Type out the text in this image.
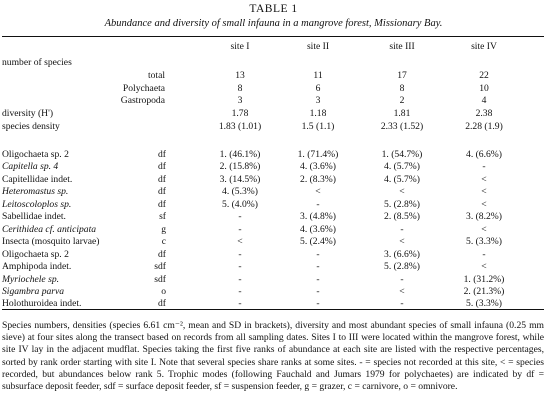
TABLE 1
Abundance and diversity of small infauna in a mangrove forest, Missionary Bay.
site I	site II	site III	site IV
number of species
total	13	11	17	22
Polychaeta	8	6	8	10
Gastropoda	3	3	2	4
diversity (H')	1.78	1.18	1.81	2.38
species density	1.83 (1.01)	1.5 (1.1)	2.33 (1.52)	2.28 (1.9)
Oligochaeta sp. 2	df	1. (46.1%)	1. (71.4%)	1. (54.7%)	4. (6.6%)
Capitella sp. 4	df	2. (15.8%)	4. (3.6%)	4. (5.7%)	-
Capitellidae indet.	df	3. (14.5%)	2. (8.3%)	4. (5.7%)	<
Heteromastus sp.	df	4. (5.3%)	<	<	<
Leitoscoloplos sp.	df	5. (4.0%)	-	5. (2.8%)	<
Sabellidae indet.	sf	-	3. (4.8%)	2. (8.5%)	3. (8.2%)
Cerithidea cf. anticipata	g	-	4. (3.6%)	-	<
Insecta (mosquito larvae)	c	<	5. (2.4%)	<	5. (3.3%)
Oligochaeta sp. 2	df	-	-	3. (6.6%)	-
Amphipoda indet.	sdf	-	-	5. (2.8%)	<
Myriochele sp.	sdf	-	-	-	1. (31.2%)
Sigambra parva	o	-	-	<	2. (21.3%)
Holothuroidea indet.	df	-	-	-	5. (3.3%)
Species numbers, densities (species 6.61 cm⁻², mean and SD in brackets), diversity and most abundant species of small infauna (0.25 mm sieve) at four sites along the transect based on records from all sampling dates. Sites I to III were located within the mangrove forest, while site IV lay in the adjacent mudflat. Species taking the first five ranks of abundance at each site are listed with the respective percentages, sorted by rank order starting with site I. Note that several species share ranks at some sites. - = species not recorded at this site, < = species recorded, but abundances below rank 5. Trophic modes (following Fauchald and Jumars 1979 for polychaetes) are indicated by df = subsurface deposit feeder, sdf = surface deposit feeder, sf = suspension feeder, g = grazer, c = carnivore, o = omnivore.
